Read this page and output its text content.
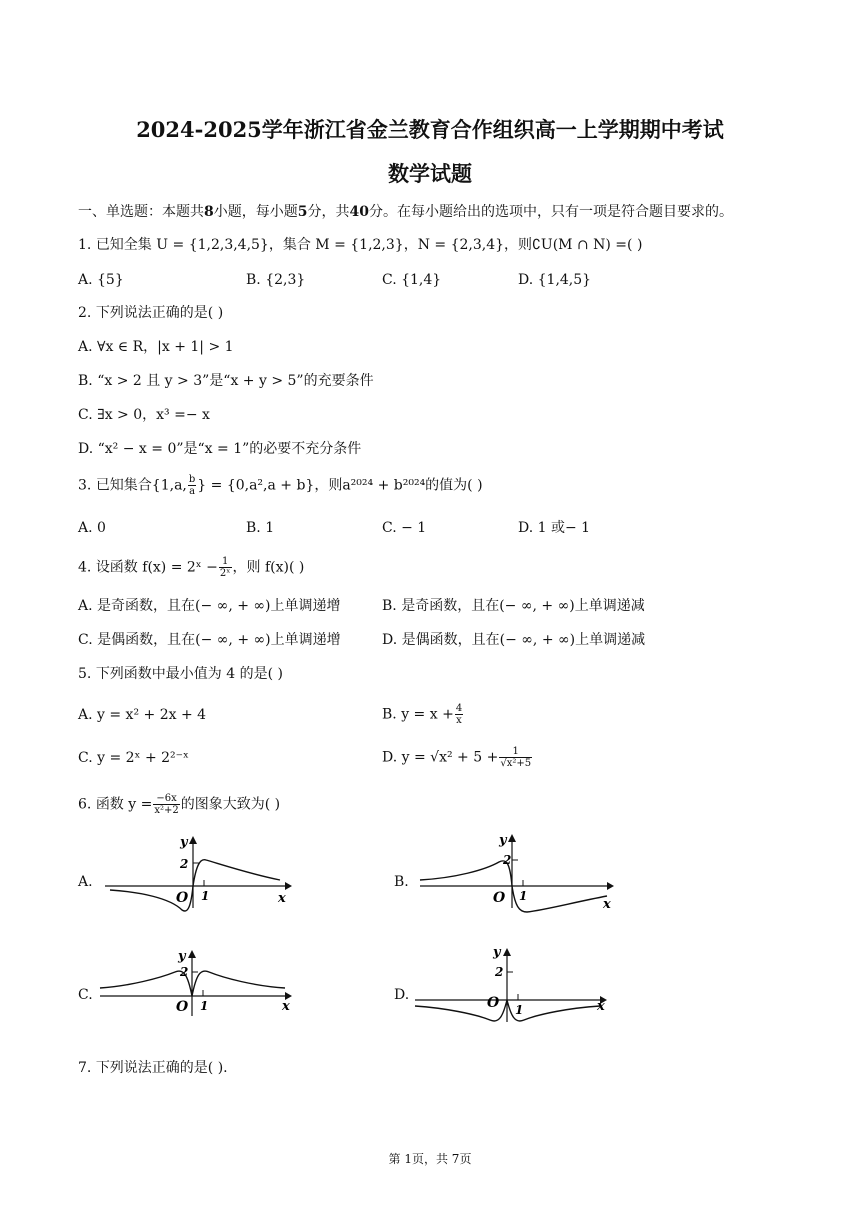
2024-2025学年浙江省金兰教育合作组织高一上学期期中考试
数学试题
一、单选题：本题共8小题，每小题5分，共40分。在每小题给出的选项中，只有一项是符合题目要求的。
1. 已知全集 U = {1,2,3,4,5}，集合 M = {1,2,3}，N = {2,3,4}，则∁U(M ∩ N) =( )
A. {5}	B. {2,3}	C. {1,4}	D. {1,4,5}
2. 下列说法正确的是( )
A. ∀x ∈ R，|x + 1| > 1
B. “x > 2 且 y > 3”是“x + y > 5”的充要条件
C. ∃x > 0，x³ =− x
D. “x² − x = 0”是“x = 1”的必要不充分条件
3. 已知集合{1,a, $\frac{b}{a}$ } = {0,a²,a + b}，则a²⁰²⁴ + b²⁰²⁴的值为( )
A. 0	B. 1	C. − 1	D. 1 或− 1
4. 设函数 f(x) = 2ˣ − $\frac{1}{\text{2ˣ}}$ ，则 f(x)( )
A. 是奇函数，且在(− ∞, + ∞)上单调递增	B. 是奇函数，且在(− ∞, + ∞)上单调递减
C. 是偶函数，且在(− ∞, + ∞)上单调递增	D. 是偶函数，且在(− ∞, + ∞)上单调递减
5. 下列函数中最小值为 4 的是( )
A. y = x² + 2x + 4	B. $y = x + \frac{4}{x}$
C. y = 2ˣ + 2²⁻ˣ	D. $y = √x^2 + 5 + \frac{1}{\text{√x²+5}}$
6. 函数 $y = \frac{-6x}{\text{x²+2}}$ 的图象大致为( )
A.	B.
C.	D.
y
2
O 1	x
y
2
O 1
x
y
2
O 1	x
y
2
O 1	x
7. 下列说法正确的是( ).
第 1页，共 7页
